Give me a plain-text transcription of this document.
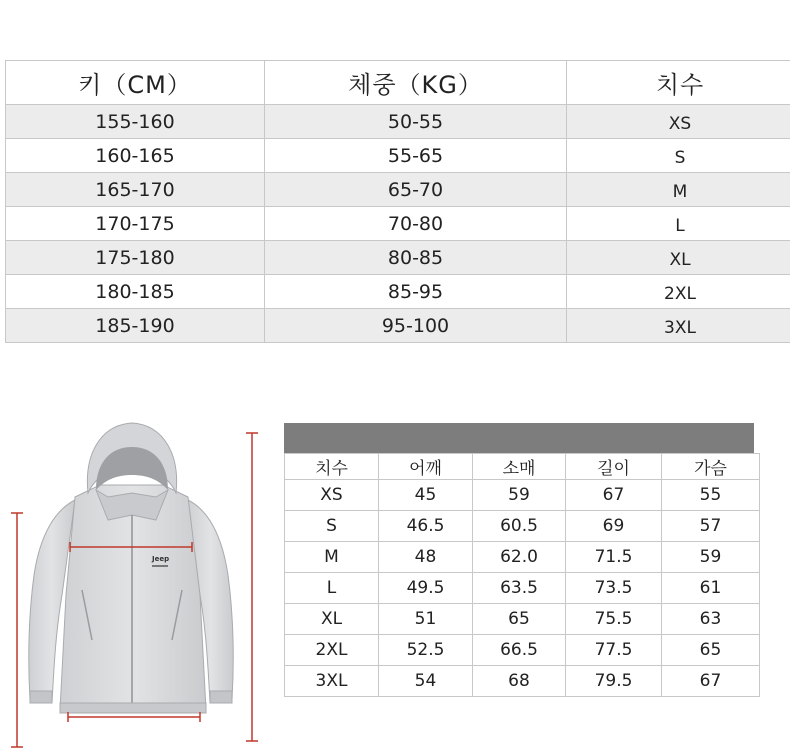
키（CM）	체중（KG）	치수
155-160	50-55	XS
160-165	55-65	S
165-170	65-70	M
170-175	70-80	L
175-180	80-85	XL
180-185	85-95	2XL
185-190	95-100	3XL
Jeep
치수	어깨	소매	길이	가슴
XS	45	59	67	55
S	46.5	60.5	69	57
M	48	62.0	71.5	59
L	49.5	63.5	73.5	61
XL	51	65	75.5	63
2XL	52.5	66.5	77.5	65
3XL	54	68	79.5	67
